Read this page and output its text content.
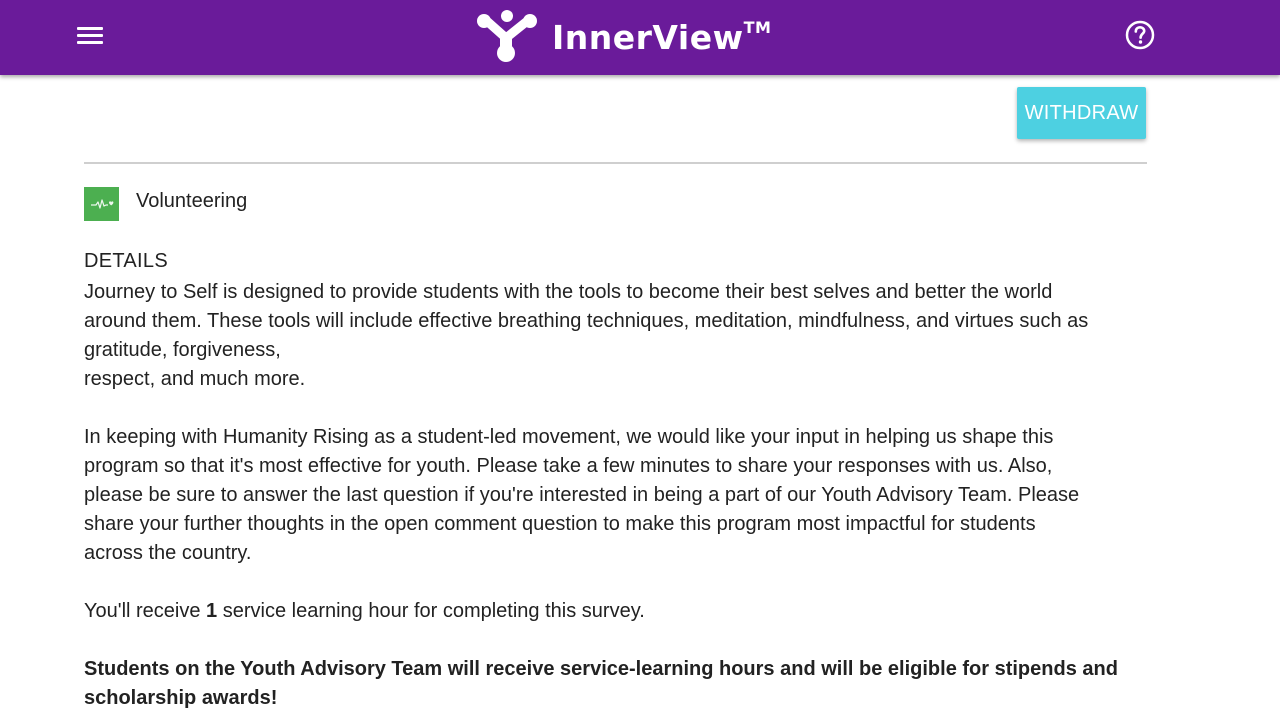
InnerView™
WITHDRAW
Volunteering
DETAILS

Journey to Self is designed to provide students with the tools to become their best selves and better the world
around them. These tools will include effective breathing techniques, meditation, mindfulness, and virtues such as
gratitude, forgiveness,
respect, and much more.

In keeping with Humanity Rising as a student-led movement, we would like your input in helping us shape this
program so that it's most effective for youth. Please take a few minutes to share your responses with us. Also,
please be sure to answer the last question if you're interested in being a part of our Youth Advisory Team. Please
share your further thoughts in the open comment question to make this program most impactful for students
across the country.

You'll receive 1 service learning hour for completing this survey.

Students on the Youth Advisory Team will receive service-learning hours and will be eligible for stipends and
scholarship awards!
